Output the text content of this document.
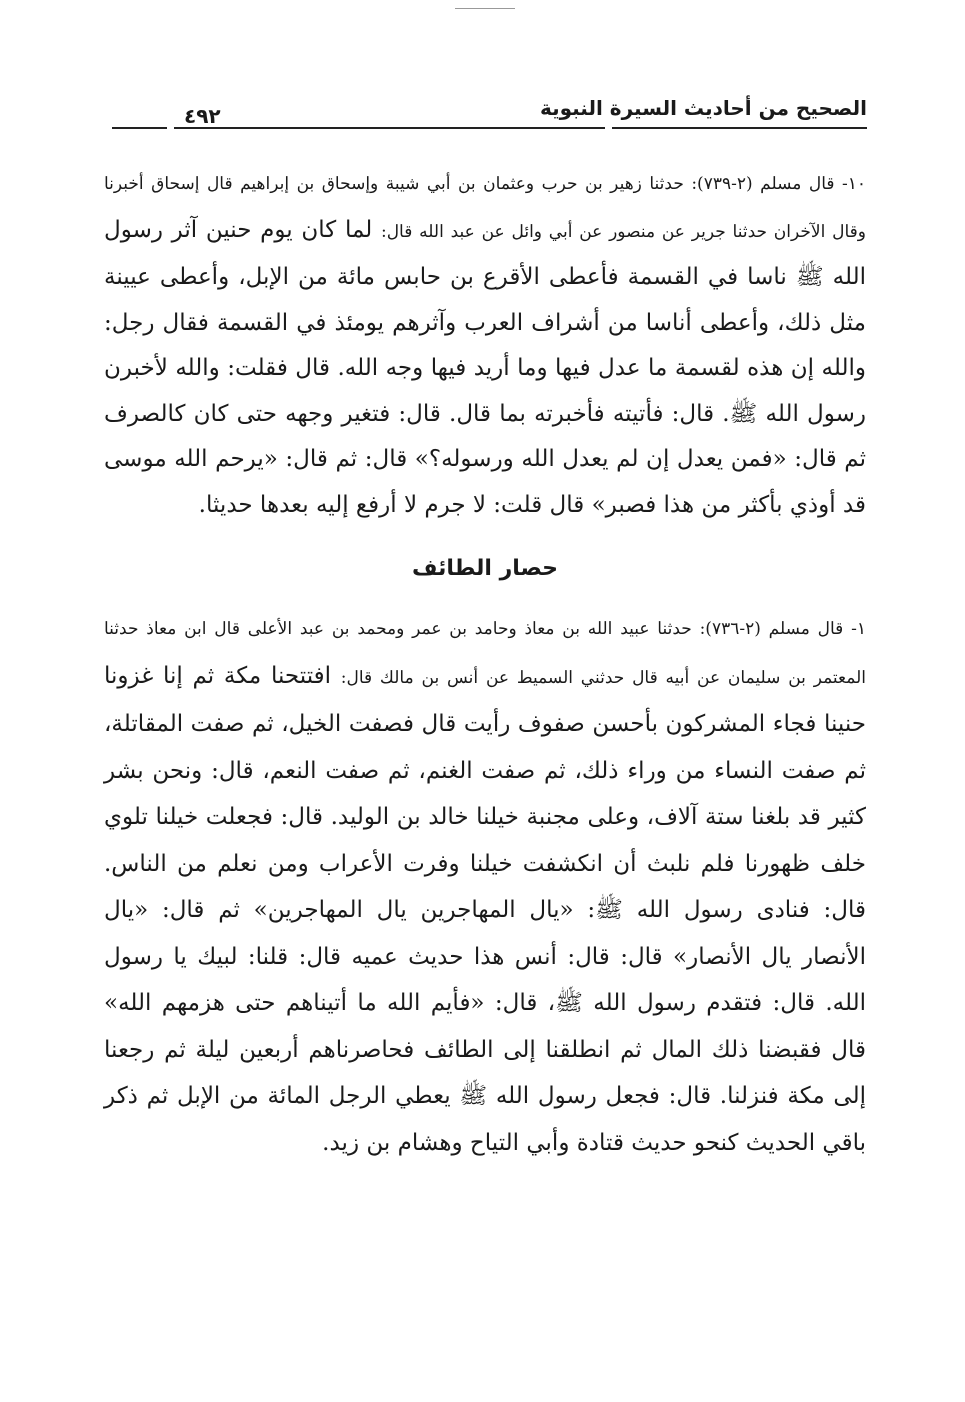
الصحيح من أحاديث السيرة النبوية
٤٩٢

١٠- قال مسلم (٢-٧٣٩): حدثنا زهير بن حرب وعثمان بن أبي شيبة وإسحاق بن إبراهيم قال إسحاق أخبرنا وقال الآخران حدثنا جرير عن منصور عن أبي وائل عن عبد الله قال: لما كان يوم حنين آثر رسول الله ﷺ ناسا في القسمة فأعطى الأقرع بن حابس مائة من الإبل، وأعطى عيينة مثل ذلك، وأعطى أناسا من أشراف العرب وآثرهم يومئذ في القسمة فقال رجل: والله إن هذه لقسمة ما عدل فيها وما أريد فيها وجه الله. قال فقلت: والله لأخبرن رسول الله ﷺ. قال: فأتيته فأخبرته بما قال. قال: فتغير وجهه حتى كان كالصرف ثم قال: «فمن يعدل إن لم يعدل الله ورسوله؟» قال: ثم قال: «يرحم الله موسى قد أوذي بأكثر من هذا فصبر» قال قلت: لا جرم لا أرفع إليه بعدها حديثا.

حصار الطائف

١- قال مسلم (٢-٧٣٦): حدثنا عبيد الله بن معاذ وحامد بن عمر ومحمد بن عبد الأعلى قال ابن معاذ حدثنا المعتمر بن سليمان عن أبيه قال حدثني السميط عن أنس بن مالك قال: افتتحنا مكة ثم إنا غزونا حنينا فجاء المشركون بأحسن صفوف رأيت قال فصفت الخيل، ثم صفت المقاتلة، ثم صفت النساء من وراء ذلك، ثم صفت الغنم، ثم صفت النعم، قال: ونحن بشر كثير قد بلغنا ستة آلاف، وعلى مجنبة خيلنا خالد بن الوليد. قال: فجعلت خيلنا تلوي خلف ظهورنا فلم نلبث أن انكشفت خيلنا وفرت الأعراب ومن نعلم من الناس. قال: فنادى رسول الله ﷺ: «يال المهاجرين يال المهاجرين» ثم قال: «يال الأنصار يال الأنصار» قال: قال: أنس هذا حديث عميه قال: قلنا: لبيك يا رسول الله. قال: فتقدم رسول الله ﷺ، قال: «فأيم الله ما أتيناهم حتى هزمهم الله» قال فقبضنا ذلك المال ثم انطلقنا إلى الطائف فحاصرناهم أربعين ليلة ثم رجعنا إلى مكة فنزلنا. قال: فجعل رسول الله ﷺ يعطي الرجل المائة من الإبل ثم ذكر باقي الحديث كنحو حديث قتادة وأبي التياح وهشام بن زيد.
